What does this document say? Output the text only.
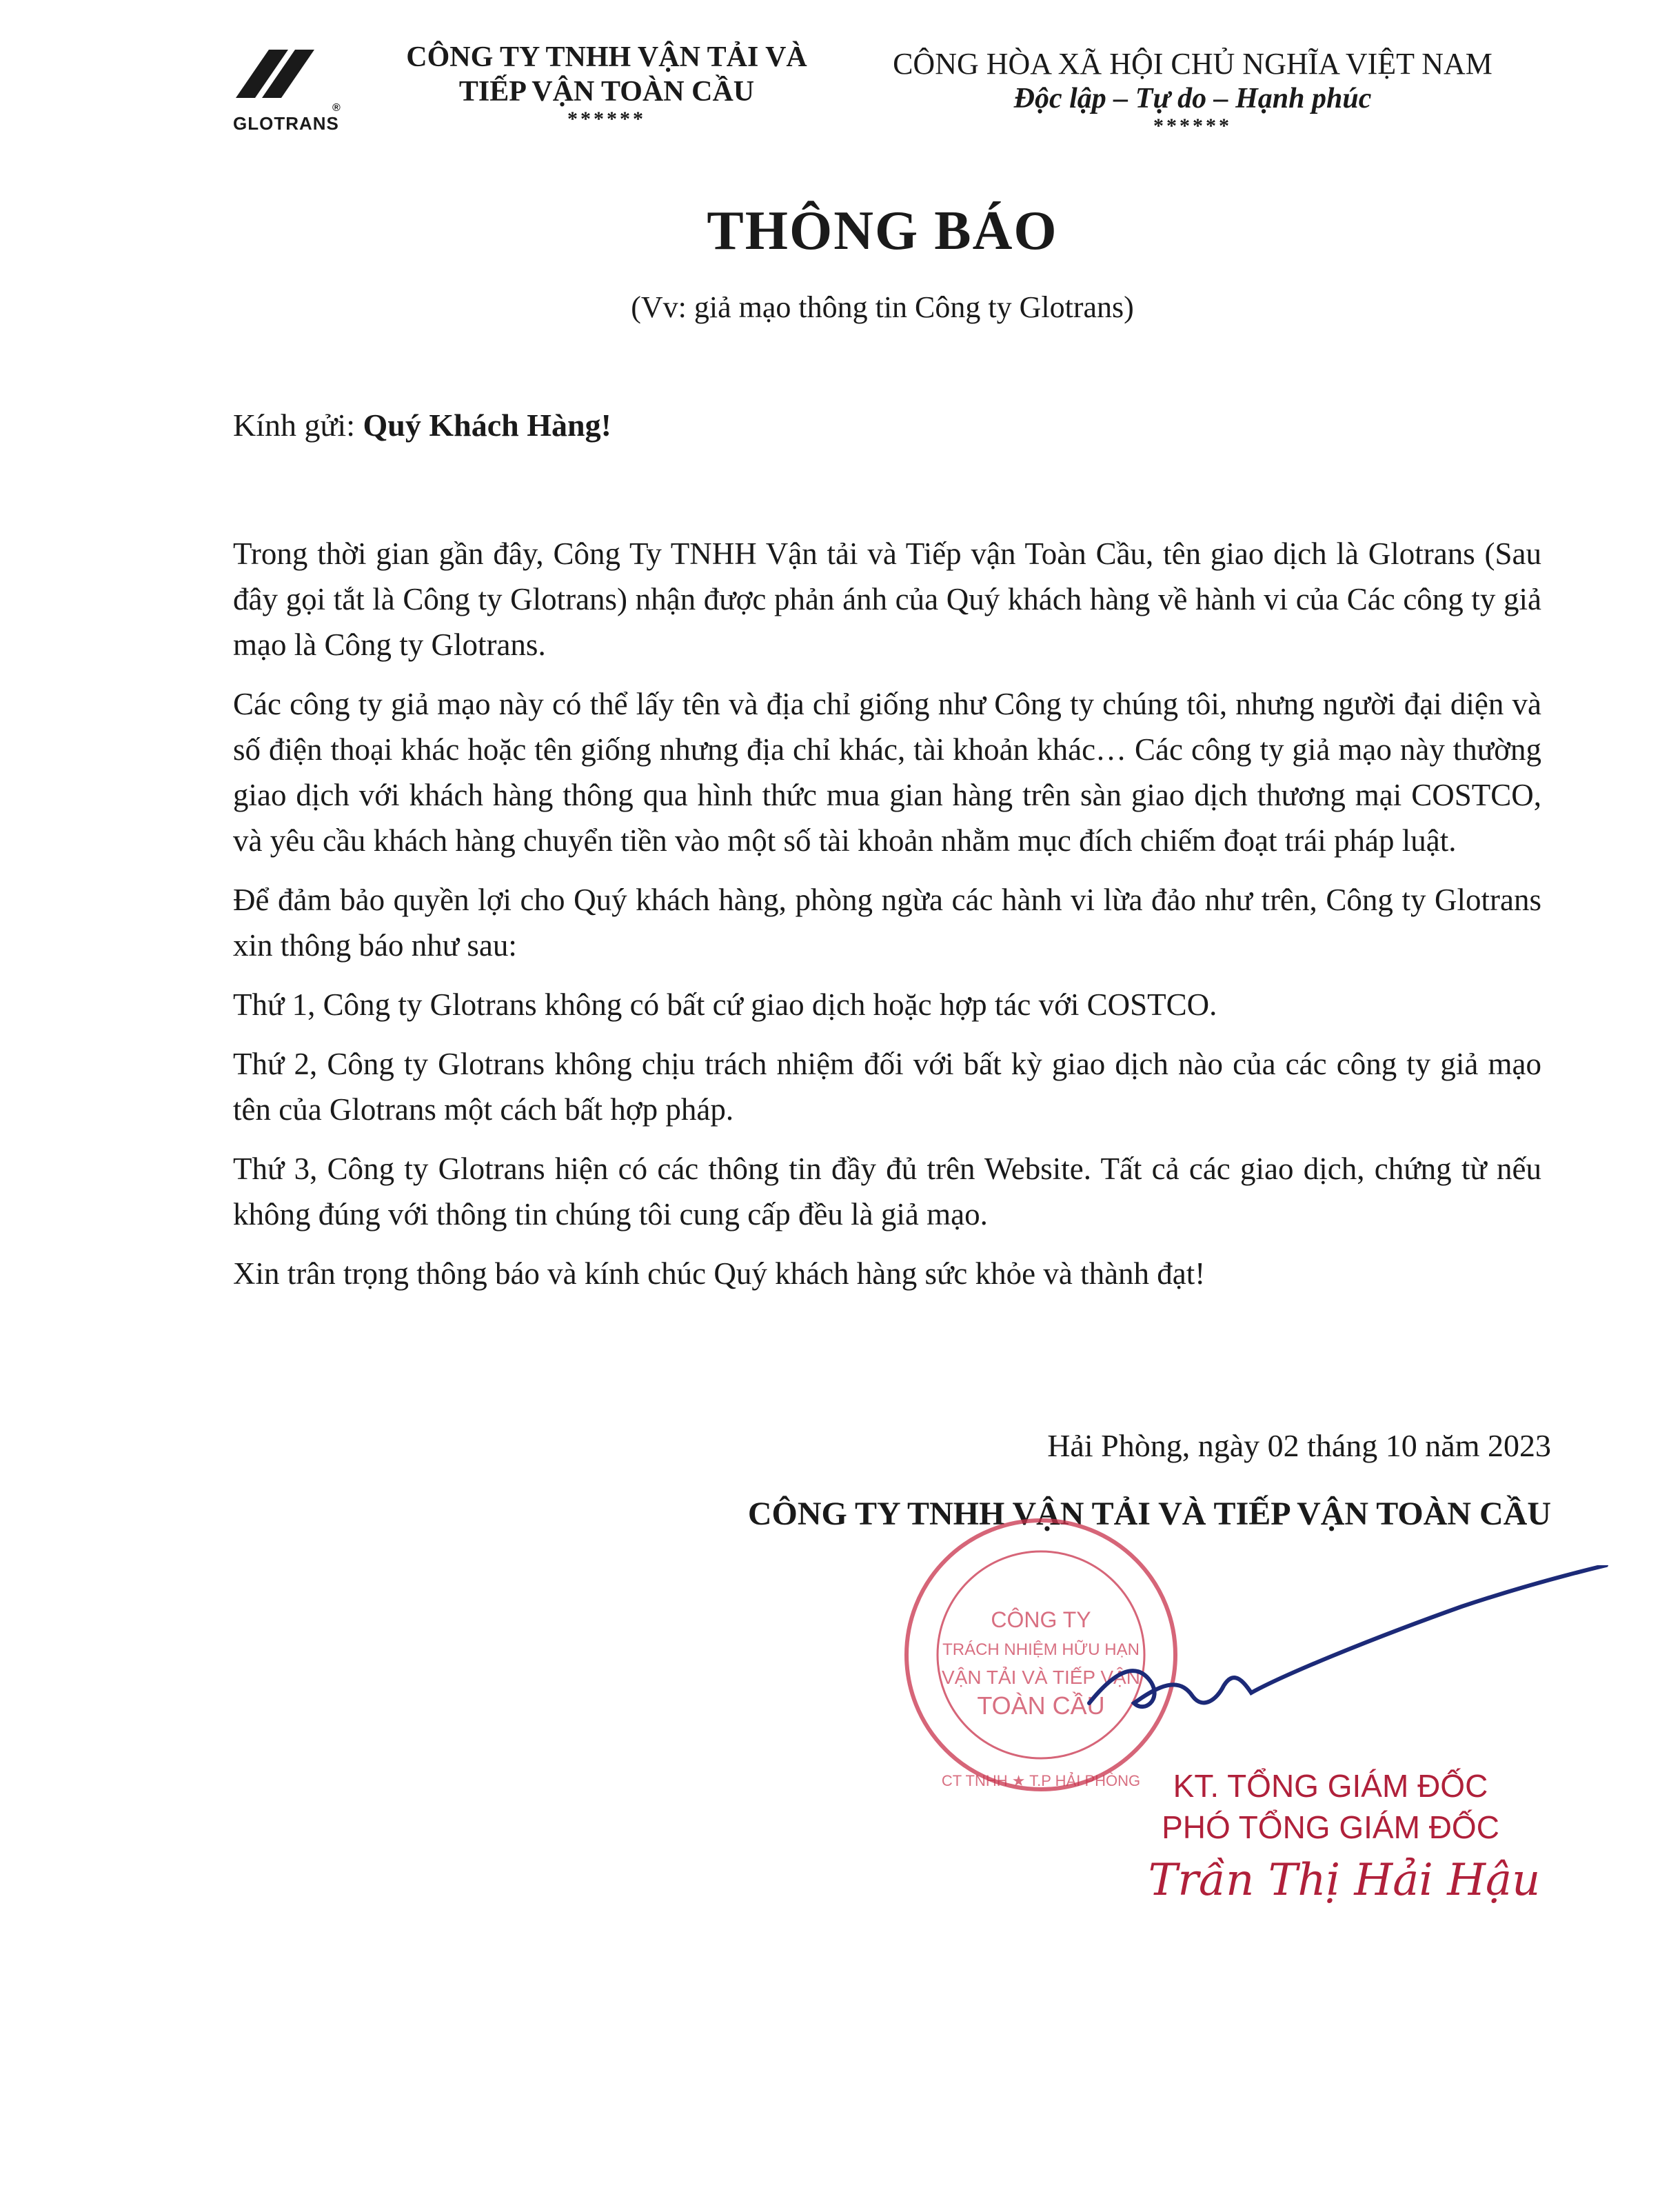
GLOTRANS
®
CÔNG TY TNHH VẬN TẢI VÀ
TIẾP VẬN TOÀN CẦU
******
CÔNG HÒA XÃ HỘI CHỦ NGHĨA VIỆT NAM
Độc lập – Tự do – Hạnh phúc
******
THÔNG BÁO
(Vv: giả mạo thông tin Công ty Glotrans)
Kính gửi: Quý Khách Hàng!

Trong thời gian gần đây, Công Ty TNHH Vận tải và Tiếp vận Toàn Cầu, tên giao dịch là Glotrans (Sau đây gọi tắt là Công ty Glotrans) nhận được phản ánh của Quý khách hàng về hành vi của Các công ty giả mạo là Công ty Glotrans.

Các công ty giả mạo này có thể lấy tên và địa chỉ giống như Công ty chúng tôi, nhưng người đại diện và số điện thoại khác hoặc tên giống nhưng địa chỉ khác, tài khoản khác… Các công ty giả mạo này thường giao dịch với khách hàng thông qua hình thức mua gian hàng trên sàn giao dịch thương mại COSTCO, và yêu cầu khách hàng chuyển tiền vào một số tài khoản nhằm mục đích chiếm đoạt trái pháp luật.

Để đảm bảo quyền lợi cho Quý khách hàng, phòng ngừa các hành vi lừa đảo như trên, Công ty Glotrans xin thông báo như sau:

Thứ 1, Công ty Glotrans không có bất cứ giao dịch hoặc hợp tác với COSTCO.

Thứ 2, Công ty Glotrans không chịu trách nhiệm đối với bất kỳ giao dịch nào của các công ty giả mạo tên của Glotrans một cách bất hợp pháp.

Thứ 3, Công ty Glotrans hiện có các thông tin đầy đủ trên Website. Tất cả các giao dịch, chứng từ nếu không đúng với thông tin chúng tôi cung cấp đều là giả mạo.

Xin trân trọng thông báo và kính chúc Quý khách hàng sức khỏe và thành đạt!

Hải Phòng, ngày 02 tháng 10 năm 2023
CÔNG TY TNHH VẬN TẢI VÀ TIẾP VẬN TOÀN CẦU
CÔNG TY
TRÁCH NHIỆM HỮU HẠN
VẬN TẢI VÀ TIẾP VẬN
TOÀN CẦU
CT TNHH ★ T.P HẢI PHÒNG	KT. TỔNG GIÁM ĐỐC
PHÓ TỔNG GIÁM ĐỐC
Trần Thị Hải Hậu
